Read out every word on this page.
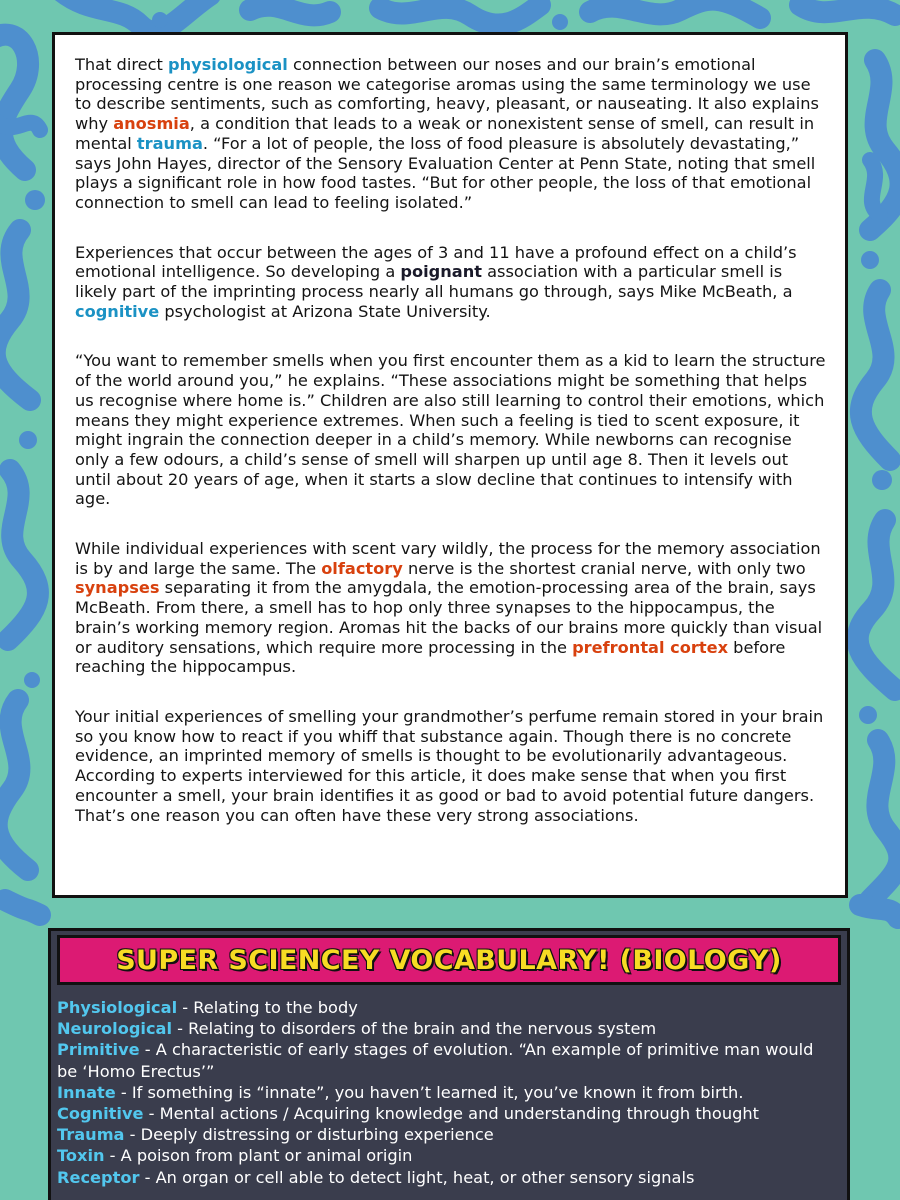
That direct physiological connection between our noses and our brain’s emotional processing centre is one reason we categorise aromas using the same terminology we use to describe sentiments, such as comforting, heavy, pleasant, or nauseating. It also explains why anosmia, a condition that leads to a weak or nonexistent sense of smell, can result in mental trauma. “For a lot of people, the loss of food pleasure is absolutely devastating,” says John Hayes, director of the Sensory Evaluation Center at Penn State, noting that smell plays a significant role in how food tastes. “But for other people, the loss of that emotional connection to smell can lead to feeling isolated.”

Experiences that occur between the ages of 3 and 11 have a profound effect on a child’s emotional intelligence. So developing a poignant association with a particular smell is likely part of the imprinting process nearly all humans go through, says Mike McBeath, a cognitive psychologist at Arizona State University.

“You want to remember smells when you first encounter them as a kid to learn the structure of the world around you,” he explains. “These associations might be something that helps us recognise where home is.” Children are also still learning to control their emotions, which means they might experience extremes. When such a feeling is tied to scent exposure, it might ingrain the connection deeper in a child’s memory. While newborns can recognise only a few odours, a child’s sense of smell will sharpen up until age 8. Then it levels out until about 20 years of age, when it starts a slow decline that continues to intensify with age.

While individual experiences with scent vary wildly, the process for the memory association is by and large the same. The olfactory nerve is the shortest cranial nerve, with only two synapses separating it from the amygdala, the emotion-processing area of the brain, says McBeath. From there, a smell has to hop only three synapses to the hippocampus, the brain’s working memory region. Aromas hit the backs of our brains more quickly than visual or auditory sensations, which require more processing in the prefrontal cortex before reaching the hippocampus.

Your initial experiences of smelling your grandmother’s perfume remain stored in your brain so you know how to react if you whiff that substance again. Though there is no concrete evidence, an imprinted memory of smells is thought to be evolutionarily advantageous. According to experts interviewed for this article, it does make sense that when you first encounter a smell, your brain identifies it as good or bad to avoid potential future dangers. That’s one reason you can often have these very strong associations.

SUPER SCIENCEY VOCABULARY! (BIOLOGY)

Physiological - Relating to the body

Neurological - Relating to disorders of the brain and the nervous system

Primitive - A characteristic of early stages of evolution. “An example of primitive man would be ‘Homo Erectus’”

Innate - If something is “innate”, you haven’t learned it, you’ve known it from birth.

Cognitive - Mental actions / Acquiring knowledge and understanding through thought

Trauma - Deeply distressing or disturbing experience

Toxin - A poison from plant or animal origin

Receptor - An organ or cell able to detect light, heat, or other sensory signals
